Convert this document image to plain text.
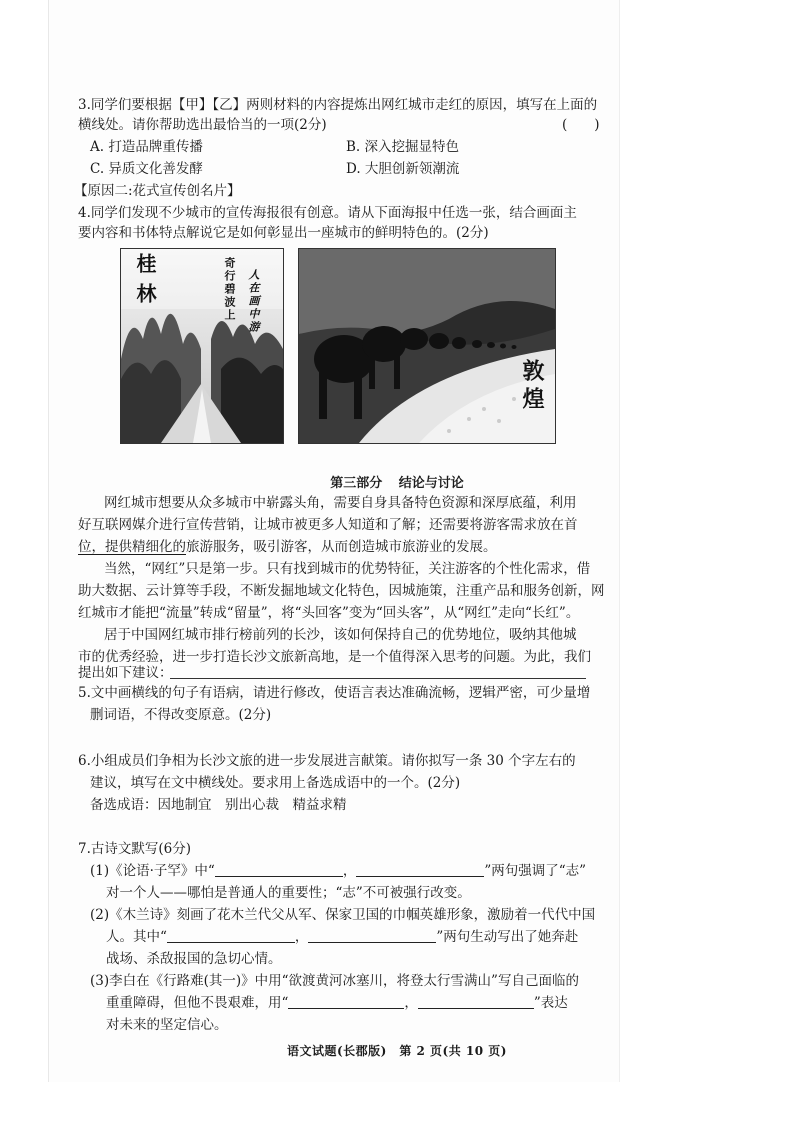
3.同学们要根据【甲】【乙】两则材料的内容提炼出网红城市走红的原因，填写在上面的
横线处。请你帮助选出最恰当的一项(2分)	(　　)
A. 打造品牌重传播	B. 深入挖掘显特色
C. 异质文化善发酵	D. 大胆创新领潮流
【原因二:花式宣传创名片】
4.同学们发现不少城市的宣传海报很有创意。请从下面海报中任选一张，结合画面主
要内容和书体特点解说它是如何彰显出一座城市的鲜明特色的。(2分)
桂林	奇行碧波上 人在画中游
敦煌
第三部分 结论与讨论
网红城市想要从众多城市中崭露头角，需要自身具备特色资源和深厚底蕴，利用
好互联网媒介进行宣传营销，让城市被更多人知道和了解；还需要将游客需求放在首
位，提供精细化的旅游服务，吸引游客，从而创造城市旅游业的发展。
当然，“网红”只是第一步。只有找到城市的优势特征，关注游客的个性化需求，借
助大数据、云计算等手段，不断发掘地域文化特色，因城施策，注重产品和服务创新，网
红城市才能把“流量”转成“留量”，将“头回客”变为“回头客”，从“网红”走向“长红”。
居于中国网红城市排行榜前列的长沙，该如何保持自己的优势地位，吸纳其他城
市的优秀经验，进一步打造长沙文旅新高地，是一个值得深入思考的问题。为此，我们
提出如下建议：
5.文中画横线的句子有语病，请进行修改，使语言表达准确流畅，逻辑严密，可少量增
删词语，不得改变原意。(2分)
6.小组成员们争相为长沙文旅的进一步发展进言献策。请你拟写一条 30 个字左右的
建议，填写在文中横线处。要求用上备选成语中的一个。(2分)
备选成语：因地制宜　别出心裁　精益求精
7.古诗文默写(6分)
(1)《论语·子罕》中“	，	”两句强调了“志”
对一个人——哪怕是普通人的重要性；“志”不可被强行改变。
(2)《木兰诗》刻画了花木兰代父从军、保家卫国的巾帼英雄形象，激励着一代代中国
人。其中“	，	”两句生动写出了她奔赴
战场、杀敌报国的急切心情。
(3)李白在《行路难(其一)》中用“欲渡黄河冰塞川，将登太行雪满山”写自己面临的
重重障碍，但他不畏艰难，用“	，	”表达
对未来的坚定信心。
语文试题(长郡版)　第 2 页(共 10 页)
